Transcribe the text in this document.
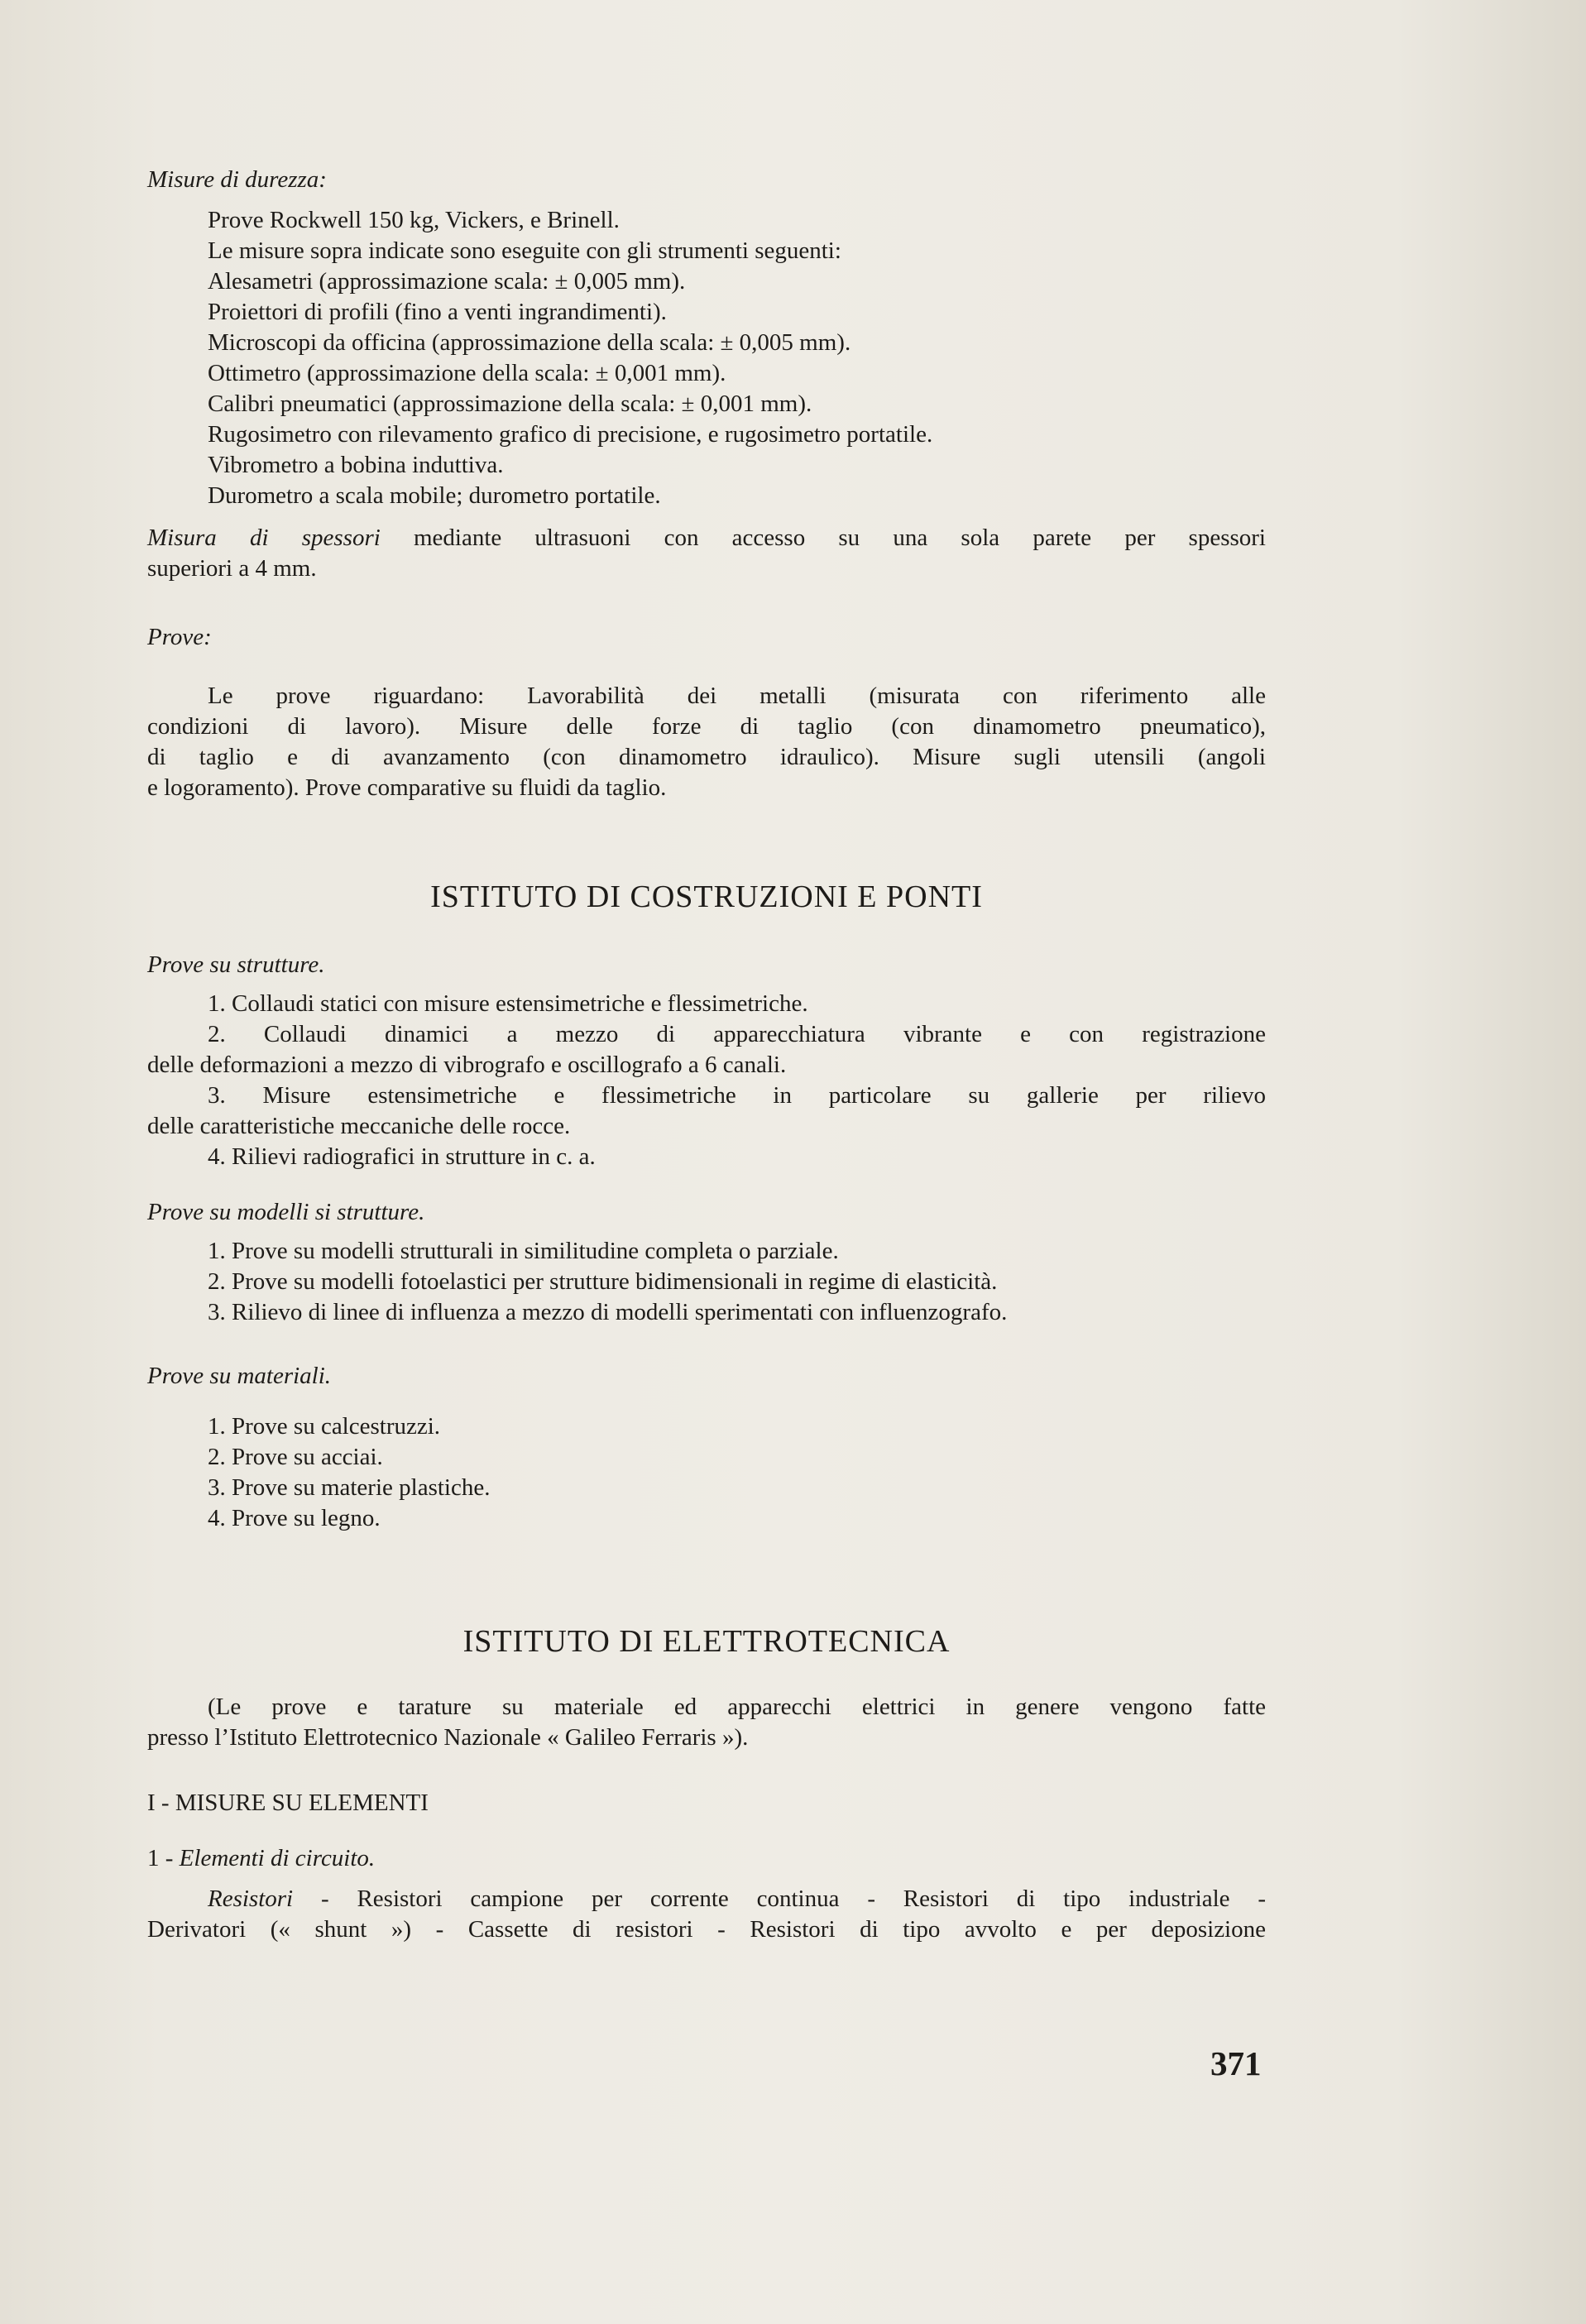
Misure di durezza:
Prove Rockwell 150 kg, Vickers, e Brinell.
Le misure sopra indicate sono eseguite con gli strumenti seguenti:
Alesametri (approssimazione scala: ± 0,005 mm).
Proiettori di profili (fino a venti ingrandimenti).
Microscopi da officina (approssimazione della scala: ± 0,005 mm).
Ottimetro (approssimazione della scala: ± 0,001 mm).
Calibri pneumatici (approssimazione della scala: ± 0,001 mm).
Rugosimetro con rilevamento grafico di precisione, e rugosimetro portatile.
Vibrometro a bobina induttiva.
Durometro a scala mobile; durometro portatile.
Misura di spessori mediante ultrasuoni con accesso su una sola parete per spessori
superiori a 4 mm.
Prove:
Le prove riguardano: Lavorabilità dei metalli (misurata con riferimento alle
condizioni di lavoro). Misure delle forze di taglio (con dinamometro pneumatico),
di taglio e di avanzamento (con dinamometro idraulico). Misure sugli utensili (angoli
e logoramento). Prove comparative su fluidi da taglio.
ISTITUTO DI COSTRUZIONI E PONTI
Prove su strutture.
1. Collaudi statici con misure estensimetriche e flessimetriche.
2. Collaudi dinamici a mezzo di apparecchiatura vibrante e con registrazione
delle deformazioni a mezzo di vibrografo e oscillografo a 6 canali.
3. Misure estensimetriche e flessimetriche in particolare su gallerie per rilievo
delle caratteristiche meccaniche delle rocce.
4. Rilievi radiografici in strutture in c. a.
Prove su modelli si strutture.
1. Prove su modelli strutturali in similitudine completa o parziale.
2. Prove su modelli fotoelastici per strutture bidimensionali in regime di elasticità.
3. Rilievo di linee di influenza a mezzo di modelli sperimentati con influenzografo.
Prove su materiali.
1. Prove su calcestruzzi.
2. Prove su acciai.
3. Prove su materie plastiche.
4. Prove su legno.
ISTITUTO DI ELETTROTECNICA
(Le prove e tarature su materiale ed apparecchi elettrici in genere vengono fatte
presso l’Istituto Elettrotecnico Nazionale « Galileo Ferraris »).
I - MISURE SU ELEMENTI
1 - Elementi di circuito.
Resistori - Resistori campione per corrente continua - Resistori di tipo industriale -
Derivatori (« shunt ») - Cassette di resistori - Resistori di tipo avvolto e per deposizione
371
